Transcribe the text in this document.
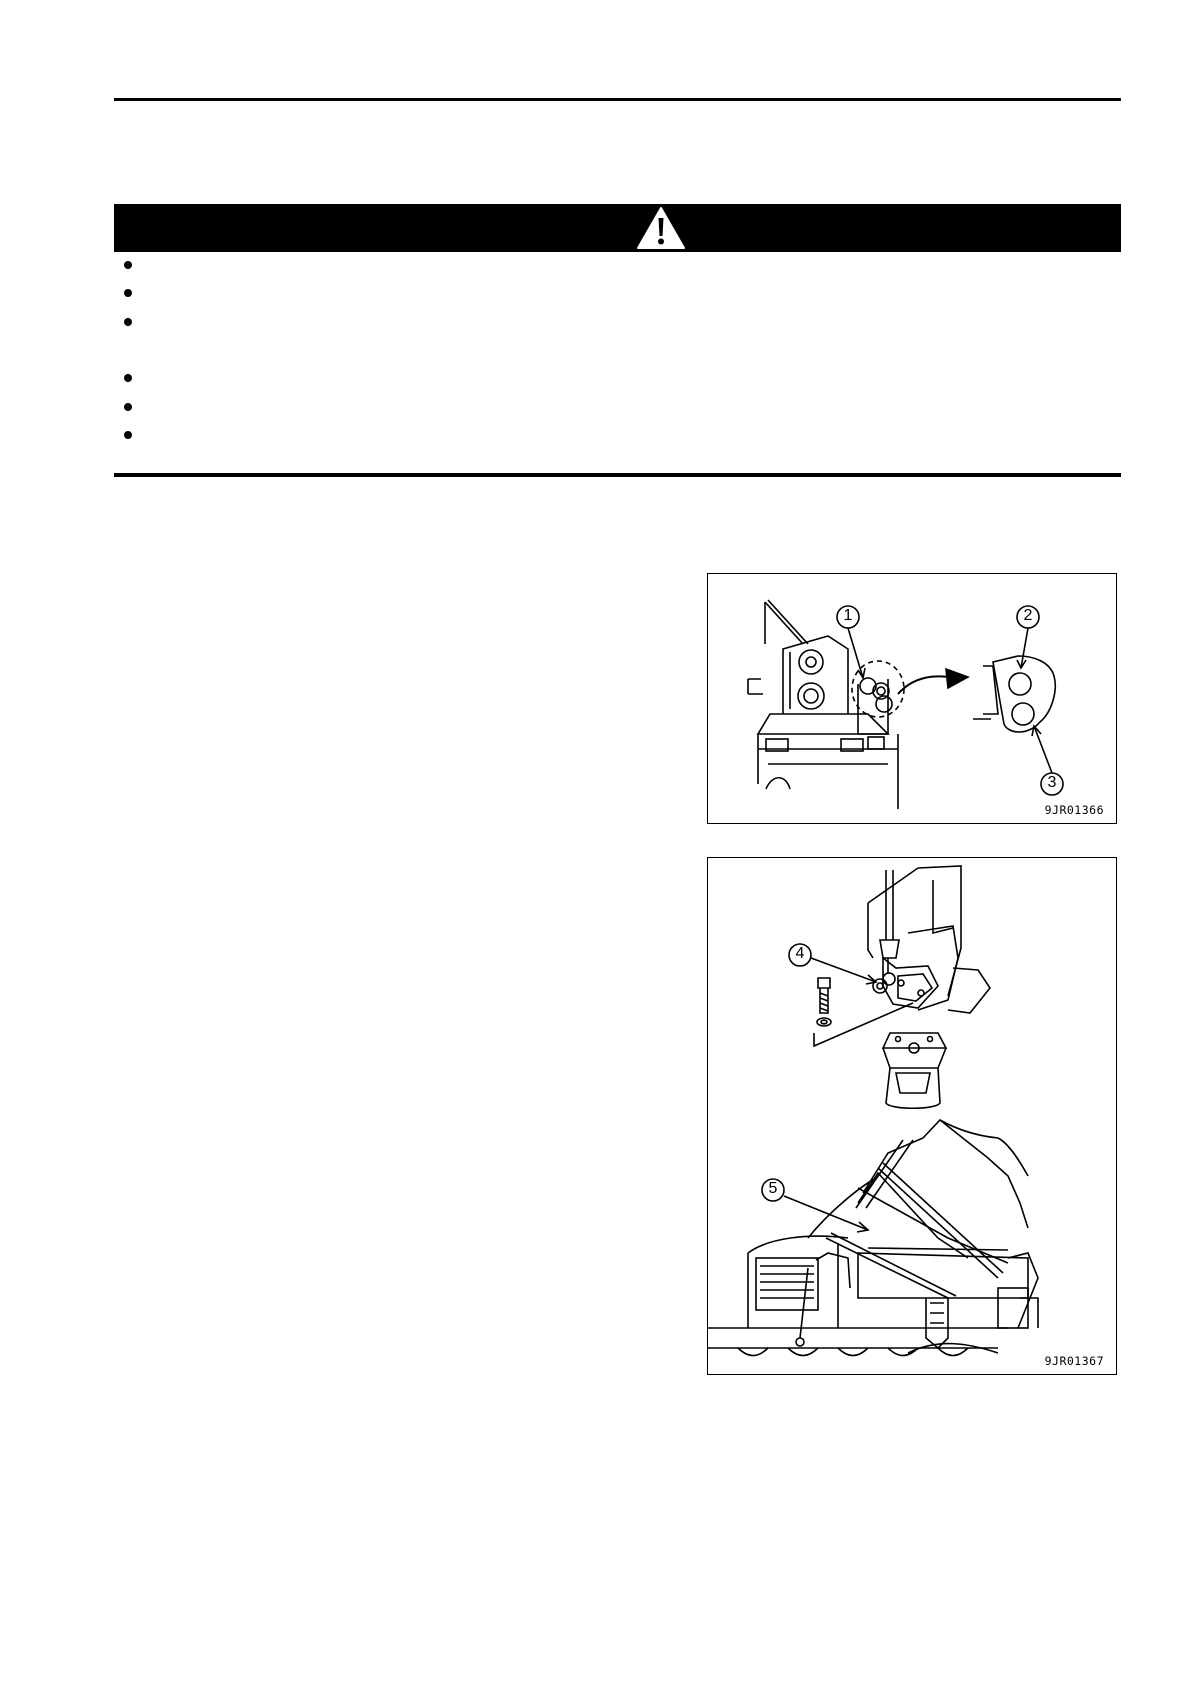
1	2
3
9JR01366
4
5
9JR01367
